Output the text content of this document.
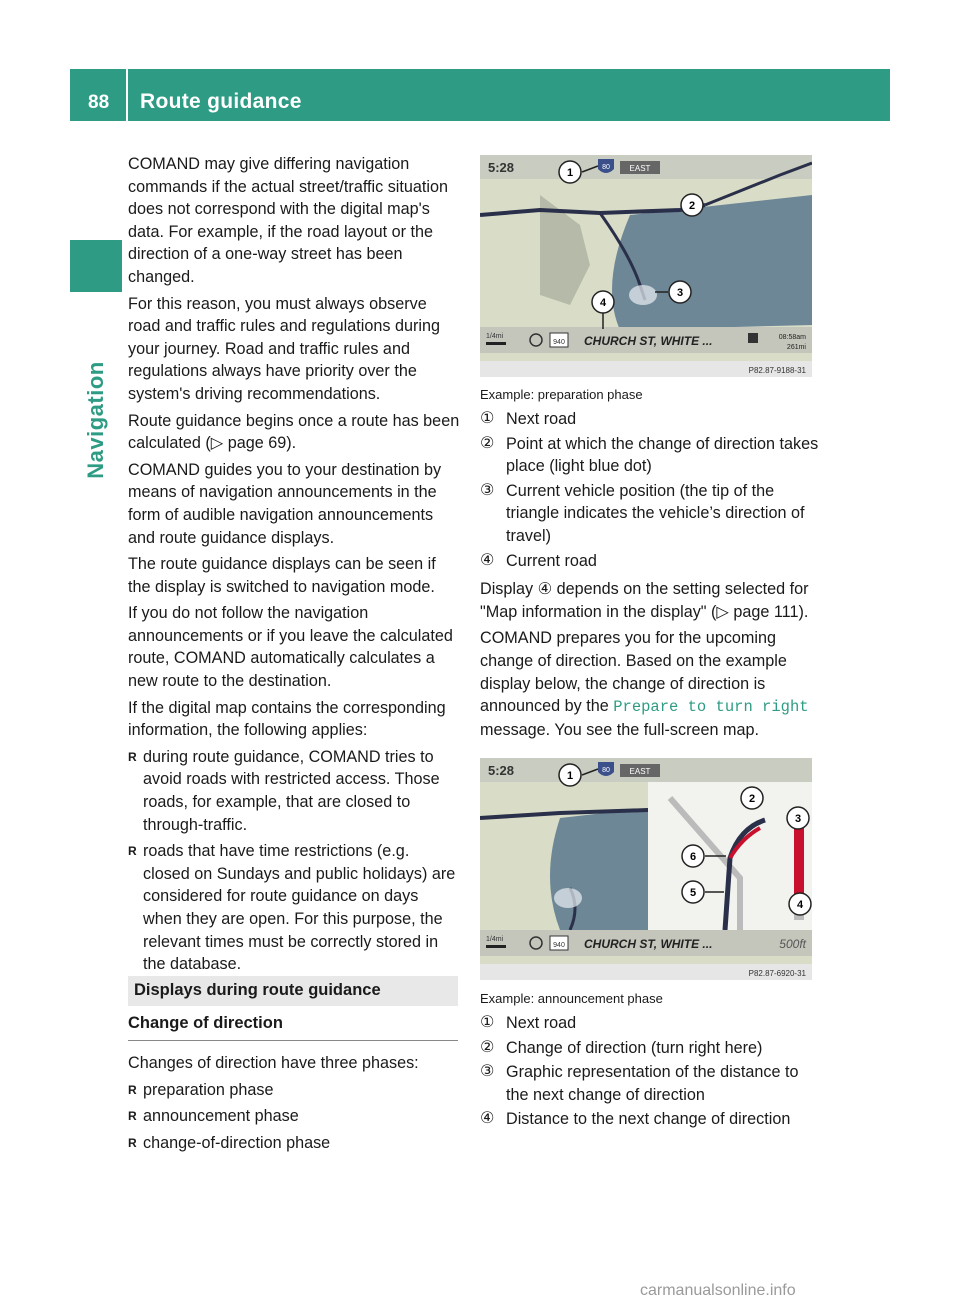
88 Route guidance
Navigation

COMAND may give differing navigation commands if the actual street/traffic situation does not correspond with the digital map's data. For example, if the road layout or the direction of a one-way street has been changed.

For this reason, you must always observe road and traffic rules and regulations during your journey. Road and traffic rules and regulations always have priority over the system's driving recommendations.

Route guidance begins once a route has been calculated (▷ page 69).

COMAND guides you to your destination by means of navigation announcements in the form of audible navigation announcements and route guidance displays.

The route guidance displays can be seen if the display is switched to navigation mode.

If you do not follow the navigation announcements or if you leave the calculated route, COMAND automatically calculates a new route to the destination.

If the digital map contains the corresponding information, the following applies:

R during route guidance, COMAND tries to avoid roads with restricted access. Those roads, for example, that are closed to through-traffic.
R roads that have time restrictions (e.g. closed on Sundays and public holidays) are considered for route guidance on days when they are open. For this purpose, the relevant times must be correctly stored in the database.
Displays during route guidance
Change of direction

Changes of direction have three phases:

R preparation phase
R announcement phase
R change-of-direction phase
5:28	80 EAST
1/4mi
940 CHURCH ST, WHITE ...	08:58am
261mi
P82.87-9188-31
1
2
3
4

Example: preparation phase

① Next road
② Point at which the change of direction takes place (light blue dot)
③ Current vehicle position (the tip of the triangle indicates the vehicle’s direction of travel)
④ Current road

Display ④ depends on the setting selected for "Map information in the display" (▷ page 111).

COMAND prepares you for the upcoming change of direction. Based on the example display below, the change of direction is announced by the Prepare to turn right message. You see the full-screen map.

5:28	80 EAST
1/4mi
940 CHURCH ST, WHITE ...	500ft
P82.87-6920-31
1
2
3
4
5
6

Example: announcement phase

① Next road
② Change of direction (turn right here)
③ Graphic representation of the distance to the next change of direction
④ Distance to the next change of direction
carmanualsonline.info
